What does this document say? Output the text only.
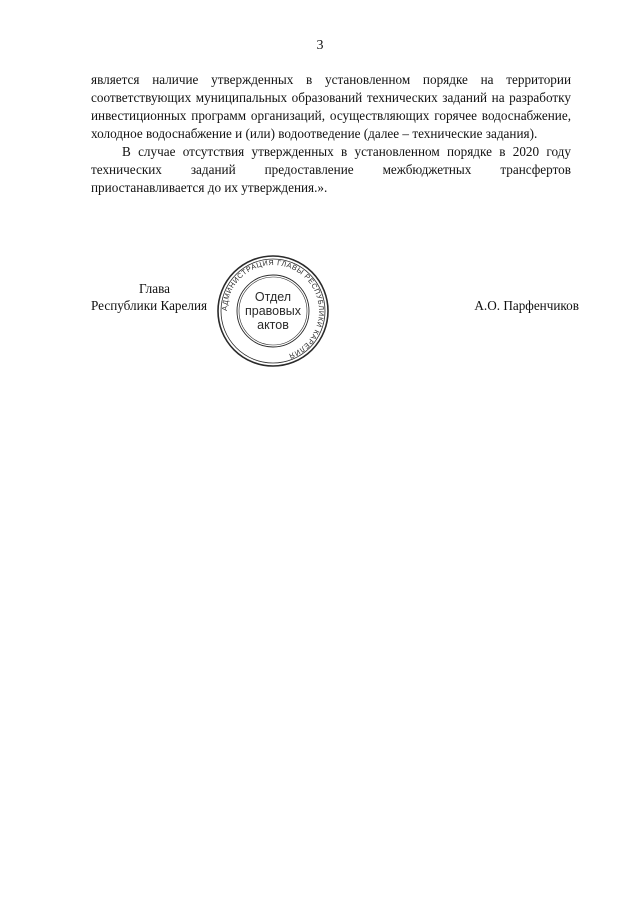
3

является наличие утвержденных в установленном порядке на территории соответствующих муниципальных образований технических заданий на разработку инвестиционных программ организаций, осуществляющих горячее водоснабжение, холодное водоснабжение и (или) водоотведение (далее – технические задания).

В случае отсутствия утвержденных в установленном порядке в 2020 году технических заданий предоставление межбюджетных трансфертов приостанавливается до их утверждения.».

Глава
Республики Карелия АДМИНИСТРАЦИЯ ГЛАВЫ РЕСПУБЛИКИ КАРЕЛИЯ
Отдел
правовых
актов
А.О. Парфенчиков
